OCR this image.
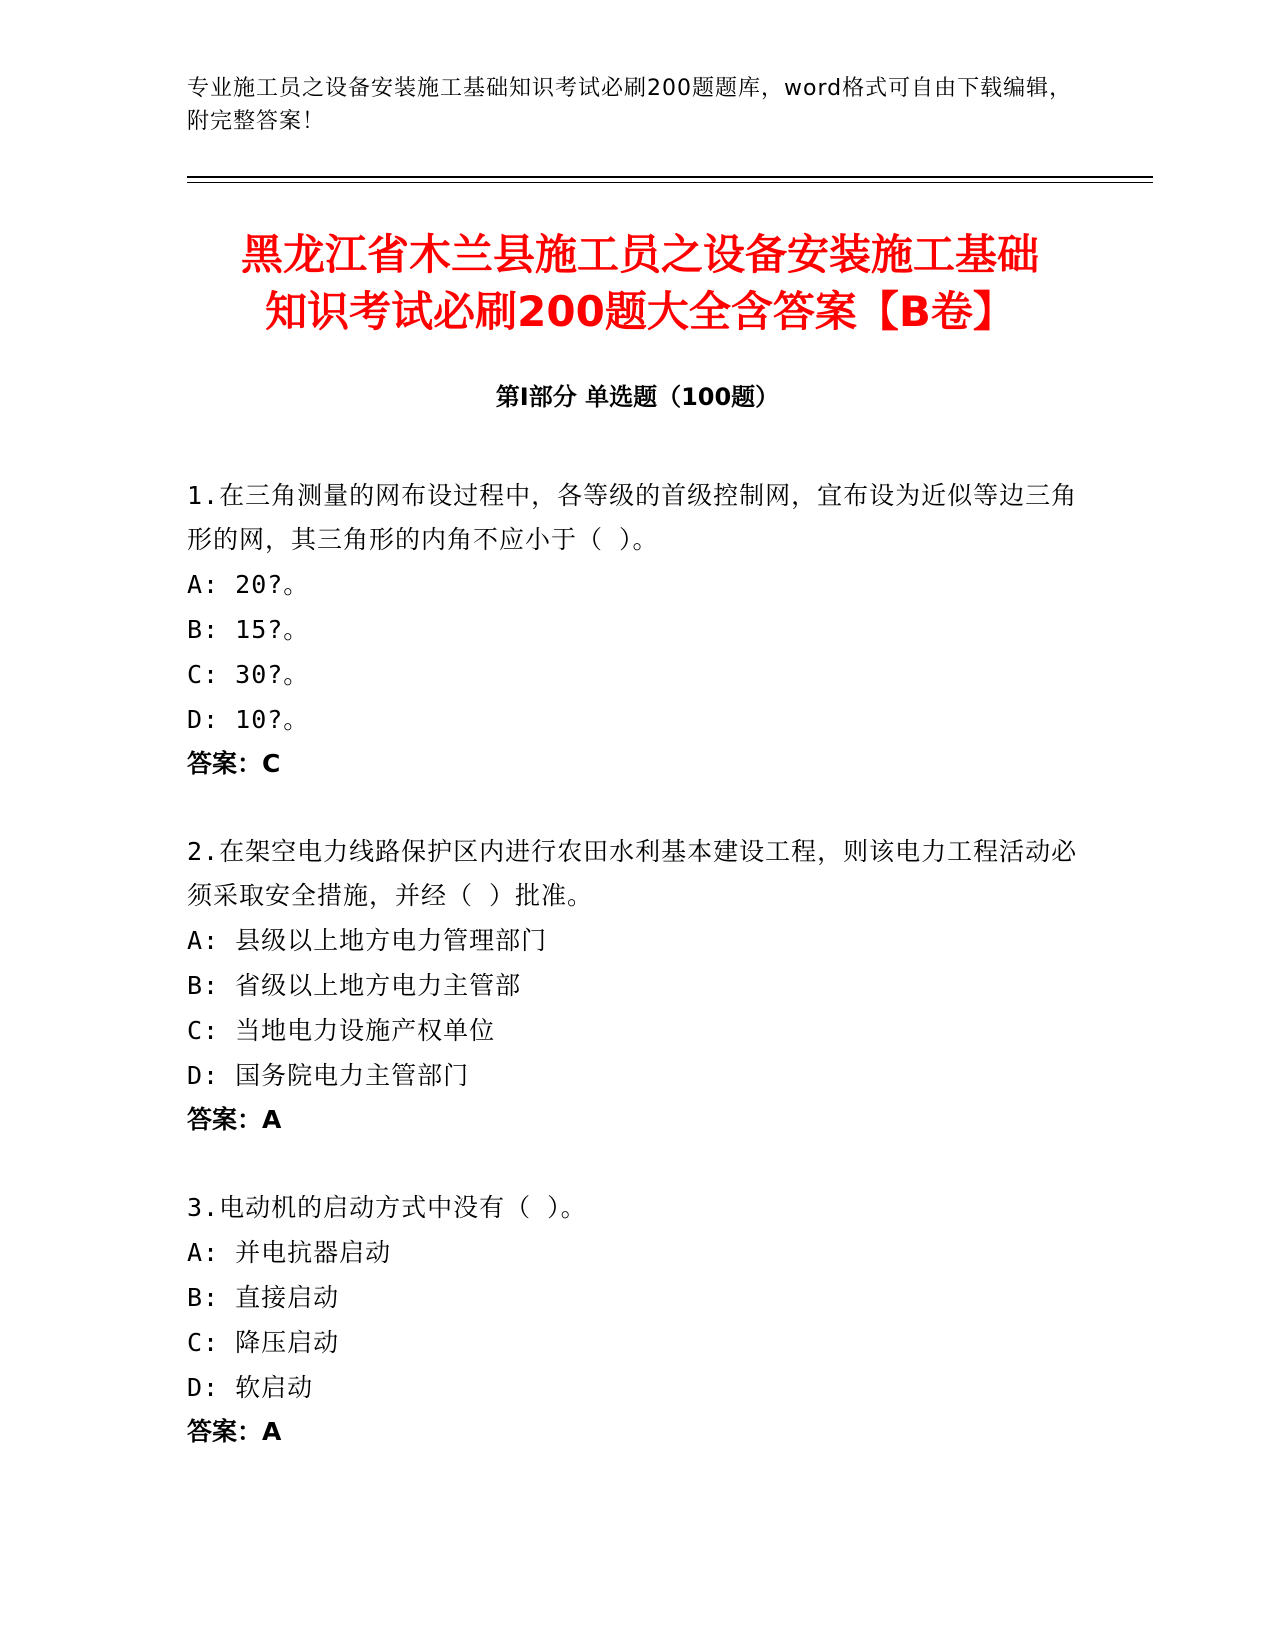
专业施工员之设备安装施工基础知识考试必刷200题题库，word格式可自由下载编辑，附完整答案！
黑龙江省木兰县施工员之设备安装施工基础
知识考试必刷200题大全含答案【B卷】
第Ⅰ部分 单选题（100题）
1.在三角测量的网布设过程中，各等级的首级控制网，宜布设为近似等边三角形的网，其三角形的内角不应小于（ ）。
A: 20?。
B: 15?。
C: 30?。
D: 10?。
答案：C
2.在架空电力线路保护区内进行农田水利基本建设工程，则该电力工程活动必须采取安全措施，并经（ ）批准。
A: 县级以上地方电力管理部门
B: 省级以上地方电力主管部
C: 当地电力设施产权单位
D: 国务院电力主管部门
答案：A
3.电动机的启动方式中没有（ ）。
A: 并电抗器启动
B: 直接启动
C: 降压启动
D: 软启动
答案：A
